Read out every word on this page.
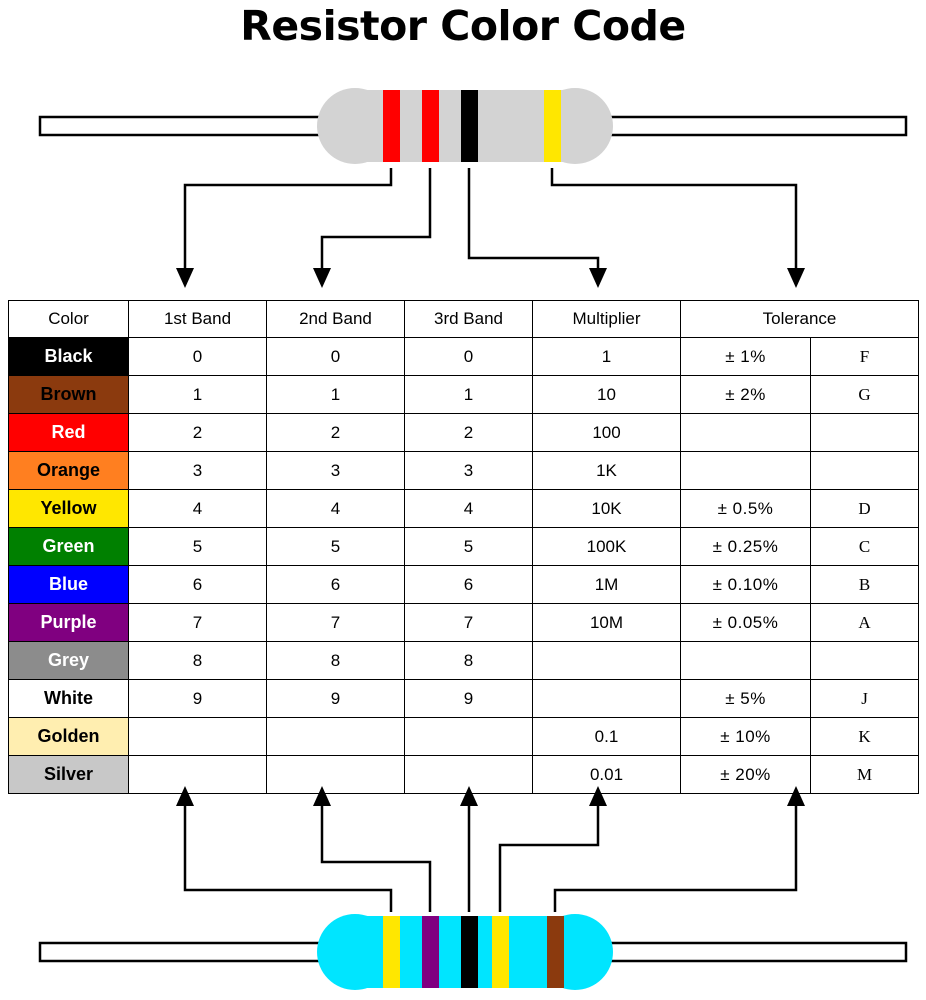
Resistor Color Code
Color	1st Band	2nd Band	3rd Band	Multiplier	Tolerance	
Black	0	0	0	1	± 1%	F
Brown	1	1	1	10	± 2%	G
Red	2	2	2	100		
Orange	3	3	3	1K		
Yellow	4	4	4	10K	± 0.5%	D
Green	5	5	5	100K	± 0.25%	C
Blue	6	6	6	1M	± 0.10%	B
Purple	7	7	7	10M	± 0.05%	A
Grey	8	8	8			
White	9	9	9		± 5%	J
Golden				0.1	± 10%	K
Silver				0.01	± 20%	M
